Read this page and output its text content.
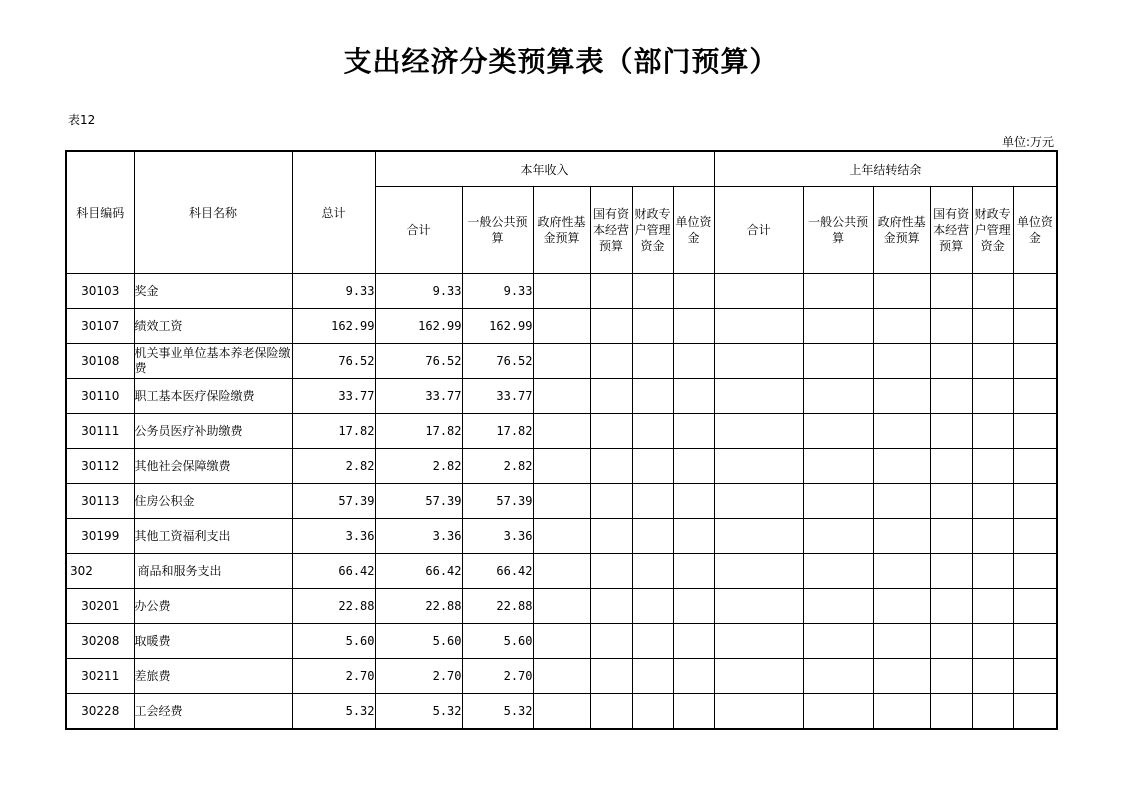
支出经济分类预算表（部门预算）
表12
单位:万元
科目编码	科目名称	总计	本年收入						上年结转结余					
			合计	一般公共预算	政府性基金预算	国有资本经营预算	财政专户管理资金	单位资金	合计	一般公共预算	政府性基金预算	国有资本经营预算	财政专户管理资金	单位资金
30103	奖金	9.33	9.33	9.33										
30107	绩效工资	162.99	162.99	162.99										
30108	机关事业单位基本养老保险缴费	76.52	76.52	76.52										
30110	职工基本医疗保险缴费	33.77	33.77	33.77										
30111	公务员医疗补助缴费	17.82	17.82	17.82										
30112	其他社会保障缴费	2.82	2.82	2.82										
30113	住房公积金	57.39	57.39	57.39										
30199	其他工资福利支出	3.36	3.36	3.36										
302	商品和服务支出	66.42	66.42	66.42										
30201	办公费	22.88	22.88	22.88										
30208	取暖费	5.60	5.60	5.60										
30211	差旅费	2.70	2.70	2.70										
30228	工会经费	5.32	5.32	5.32										
